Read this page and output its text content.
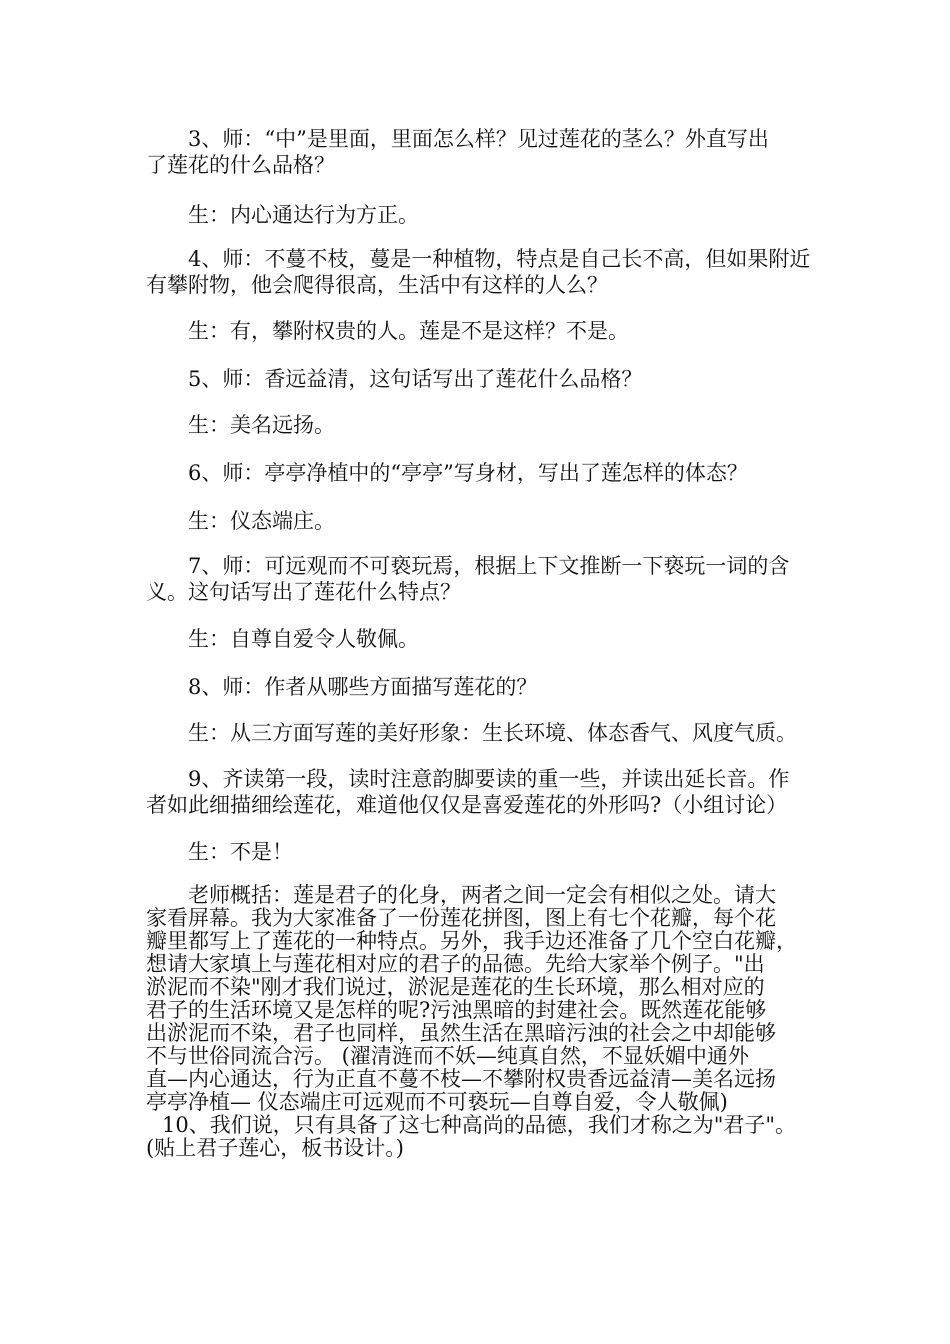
3、师：“中”是里面，里面怎么样？见过莲花的茎么？外直写出
了莲花的什么品格？

生：内心通达行为方正。

4、师：不蔓不枝，蔓是一种植物，特点是自己长不高，但如果附近
有攀附物，他会爬得很高，生活中有这样的人么？

生：有，攀附权贵的人。莲是不是这样？不是。

5、师：香远益清，这句话写出了莲花什么品格？

生：美名远扬。

6、师：亭亭净植中的“亭亭”写身材，写出了莲怎样的体态？

生：仪态端庄。

7、师：可远观而不可亵玩焉，根据上下文推断一下亵玩一词的含
义。这句话写出了莲花什么特点？

生：自尊自爱令人敬佩。

8、师：作者从哪些方面描写莲花的？

生：从三方面写莲的美好形象：生长环境、体态香气、风度气质。

9、齐读第一段，读时注意韵脚要读的重一些，并读出延长音。作
者如此细描细绘莲花，难道他仅仅是喜爱莲花的外形吗?（小组讨论）

生：不是！

老师概括：莲是君子的化身，两者之间一定会有相似之处。请大
家看屏幕。我为大家准备了一份莲花拼图，图上有七个花瓣，每个花
瓣里都写上了莲花的一种特点。另外，我手边还准备了几个空白花瓣，
想请大家填上与莲花相对应的君子的品德。先给大家举个例子。"出
淤泥而不染"刚才我们说过，淤泥是莲花的生长环境，那么相对应的
君子的生活环境又是怎样的呢?污浊黑暗的封建社会。既然莲花能够
出淤泥而不染，君子也同样，虽然生活在黑暗污浊的社会之中却能够
不与世俗同流合污。 (濯清涟而不妖—纯真自然，不显妖媚中通外
直—内心通达，行为正直不蔓不枝—不攀附权贵香远益清—美名远扬
亭亭净植— 仪态端庄可远观而不可亵玩—自尊自爱，令人敬佩)

10、我们说，只有具备了这七种高尚的品德，我们才称之为"君子"。
(贴上君子莲心，板书设计。)
